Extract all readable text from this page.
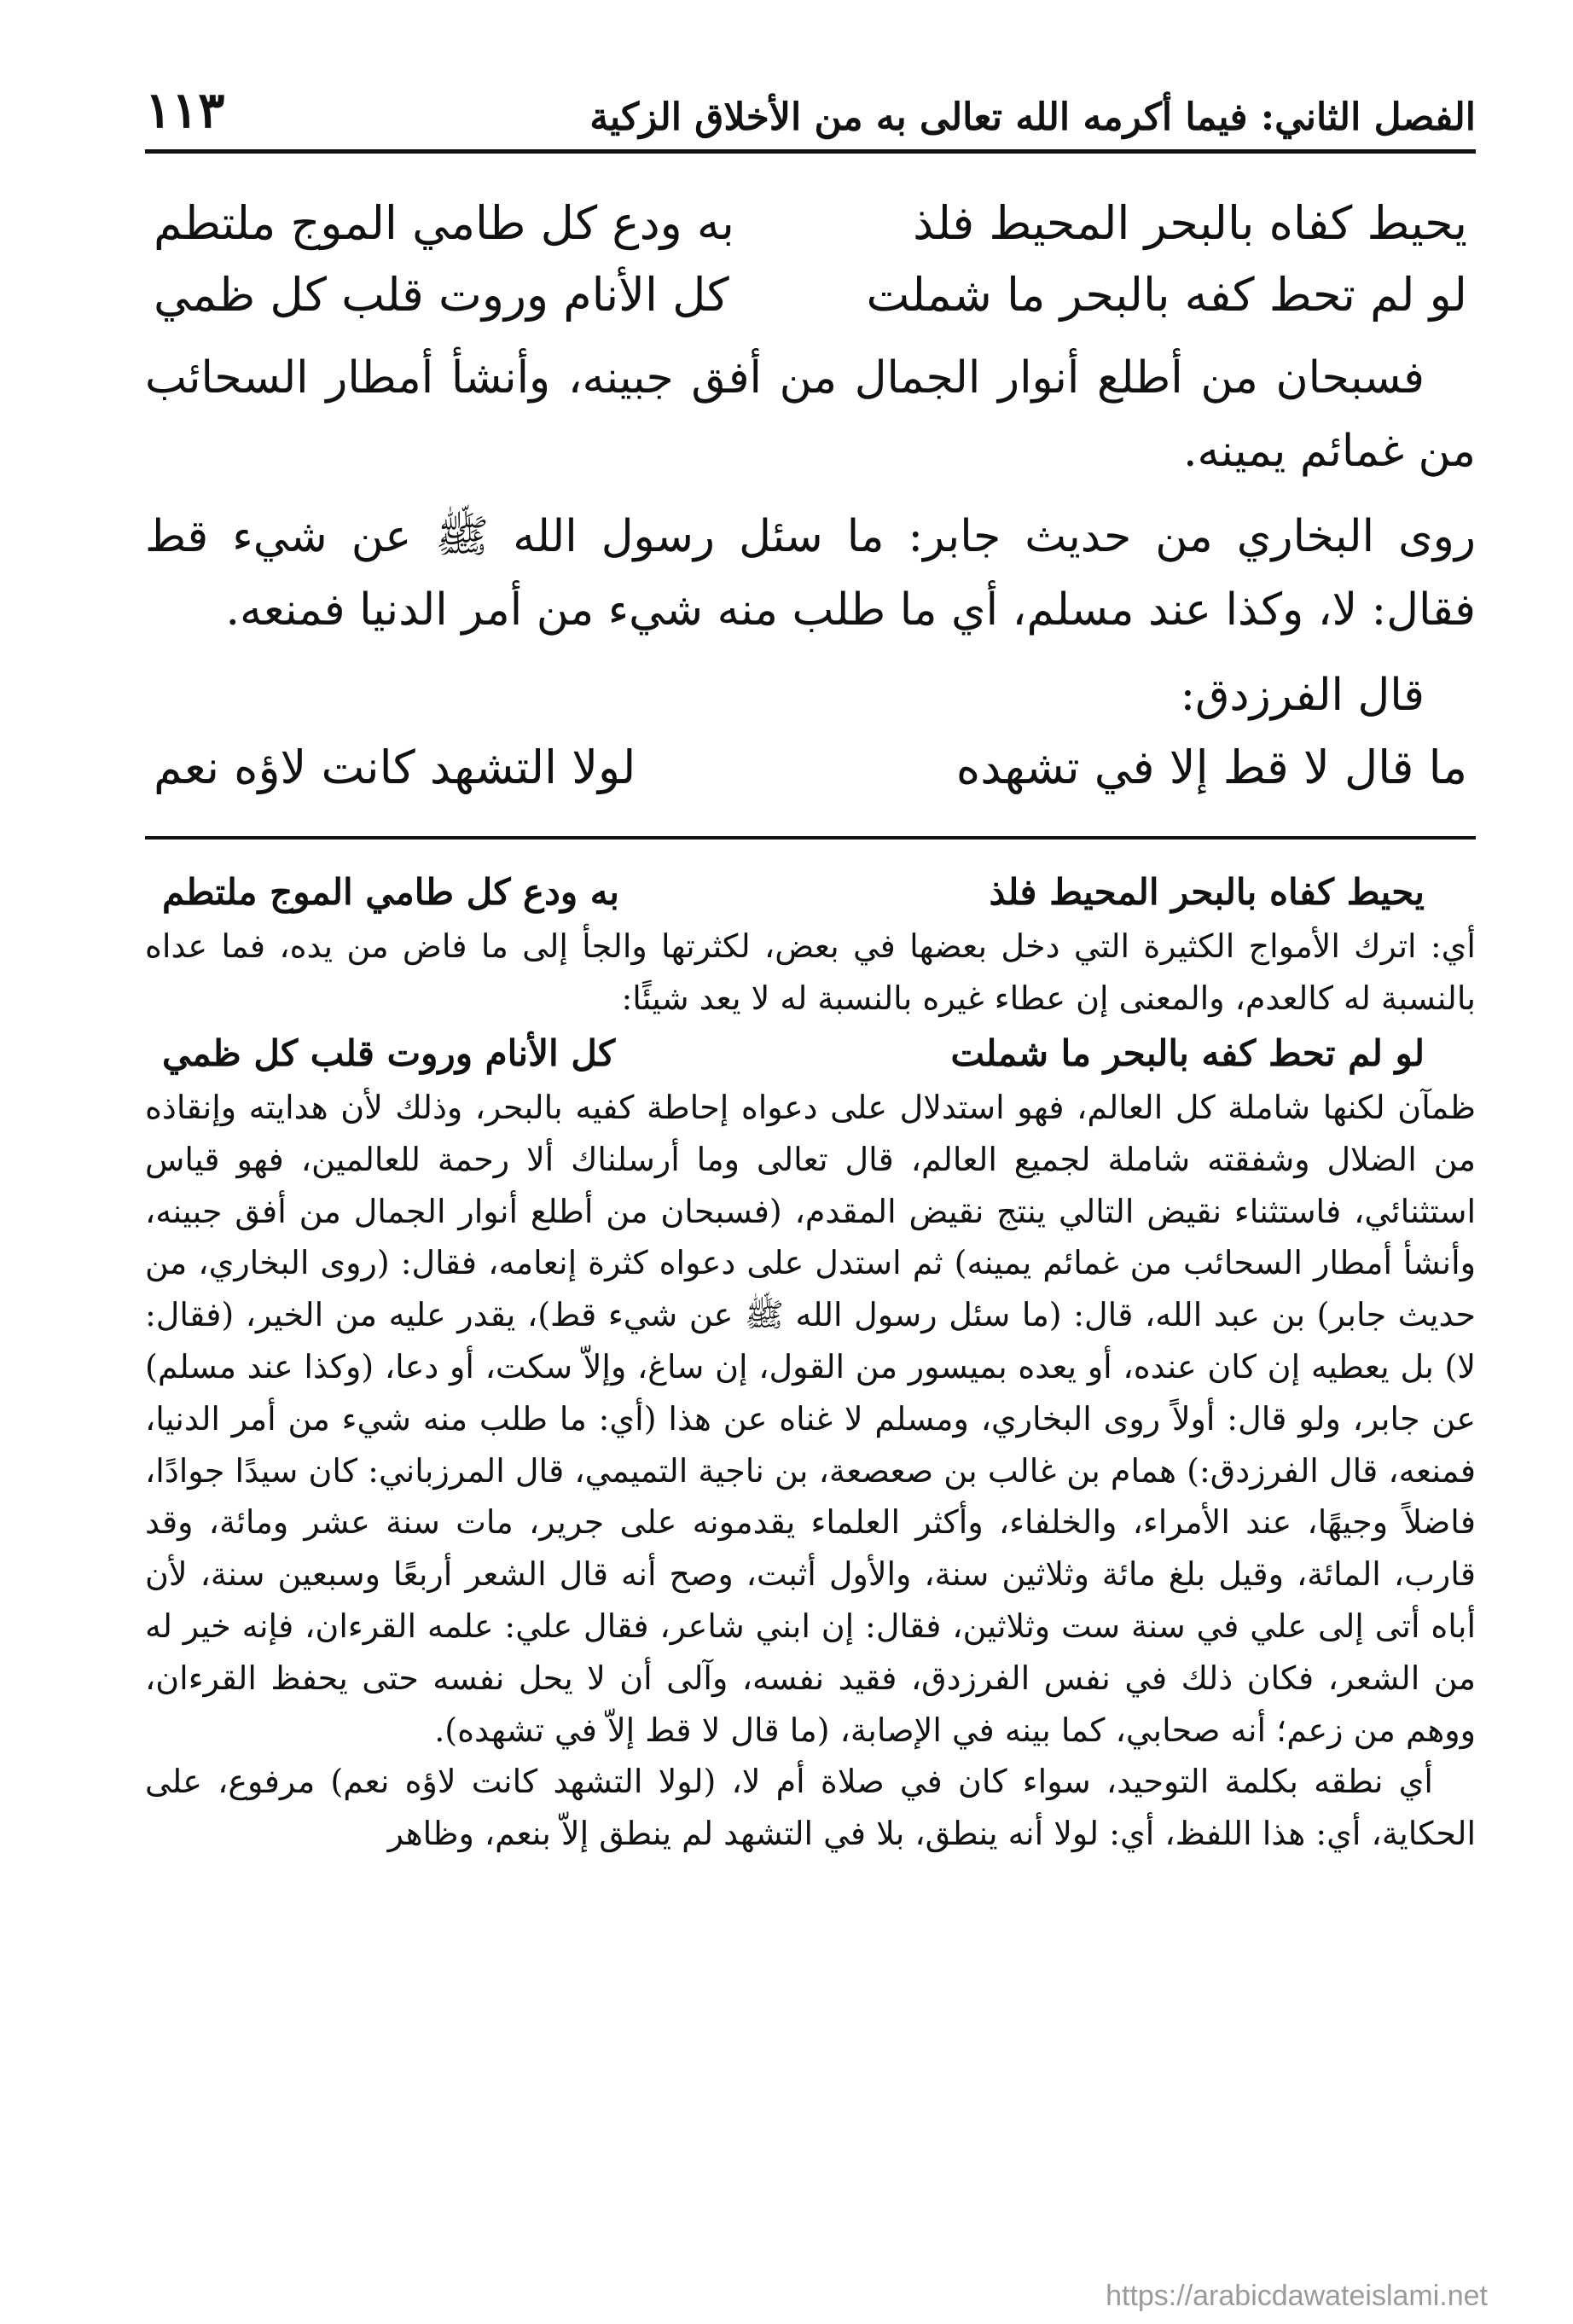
الفصل الثاني: فيما أكرمه الله تعالى به من الأخلاق الزكية
١١٣
يحيط كفاه بالبحر المحيط فلذ
به ودع كل طامي الموج ملتطم
لو لم تحط كفه بالبحر ما شملت
كل الأنام وروت قلب كل ظمي

فسبحان من أطلع أنوار الجمال من أفق جبينه، وأنشأ أمطار السحائب من غمائم يمينه.

روى البخاري من حديث جابر: ما سئل رسول الله ﷺ عن شيء قط فقال: لا، وكذا عند مسلم، أي ما طلب منه شيء من أمر الدنيا فمنعه.

قال الفرزدق:

ما قال لا قط إلا في تشهده
لولا التشهد كانت لاؤه نعم
يحيط كفاه بالبحر المحيط فلذ
به ودع كل طامي الموج ملتطم

أي: اترك الأمواج الكثيرة التي دخل بعضها في بعض، لكثرتها والجأ إلى ما فاض من يده، فما عداه بالنسبة له كالعدم، والمعنى إن عطاء غيره بالنسبة له لا يعد شيئًا:

لو لم تحط كفه بالبحر ما شملت
كل الأنام وروت قلب كل ظمي

ظمآن لكنها شاملة كل العالم، فهو استدلال على دعواه إحاطة كفيه بالبحر، وذلك لأن هدايته وإنقاذه من الضلال وشفقته شاملة لجميع العالم، قال تعالى وما أرسلناك ألا رحمة للعالمين، فهو قياس استثنائي، فاستثناء نقيض التالي ينتج نقيض المقدم، (فسبحان من أطلع أنوار الجمال من أفق جبينه، وأنشأ أمطار السحائب من غمائم يمينه) ثم استدل على دعواه كثرة إنعامه، فقال: (روى البخاري، من حديث جابر) بن عبد الله، قال: (ما سئل رسول الله ﷺ عن شيء قط)، يقدر عليه من الخير، (فقال: لا) بل يعطيه إن كان عنده، أو يعده بميسور من القول، إن ساغ، وإلاّ سكت، أو دعا، (وكذا عند مسلم) عن جابر، ولو قال: أولاً روى البخاري، ومسلم لا غناه عن هذا (أي: ما طلب منه شيء من أمر الدنيا، فمنعه، قال الفرزدق:) همام بن غالب بن صعصعة، بن ناجية التميمي، قال المرزباني: كان سيدًا جوادًا، فاضلاً وجيهًا، عند الأمراء، والخلفاء، وأكثر العلماء يقدمونه على جرير، مات سنة عشر ومائة، وقد قارب، المائة، وقيل بلغ مائة وثلاثين سنة، والأول أثبت، وصح أنه قال الشعر أربعًا وسبعين سنة، لأن أباه أتى إلى علي في سنة ست وثلاثين، فقال: إن ابني شاعر، فقال علي: علمه القرءان، فإنه خير له من الشعر، فكان ذلك في نفس الفرزدق، فقيد نفسه، وآلى أن لا يحل نفسه حتى يحفظ القرءان، ووهم من زعم؛ أنه صحابي، كما بينه في الإصابة، (ما قال لا قط إلاّ في تشهده).

أي نطقه بكلمة التوحيد، سواء كان في صلاة أم لا، (لولا التشهد كانت لاؤه نعم) مرفوع، على الحكاية، أي: هذا اللفظ، أي: لولا أنه ينطق، بلا في التشهد لم ينطق إلاّ بنعم، وظاهر

https://arabicdawateislami.net
